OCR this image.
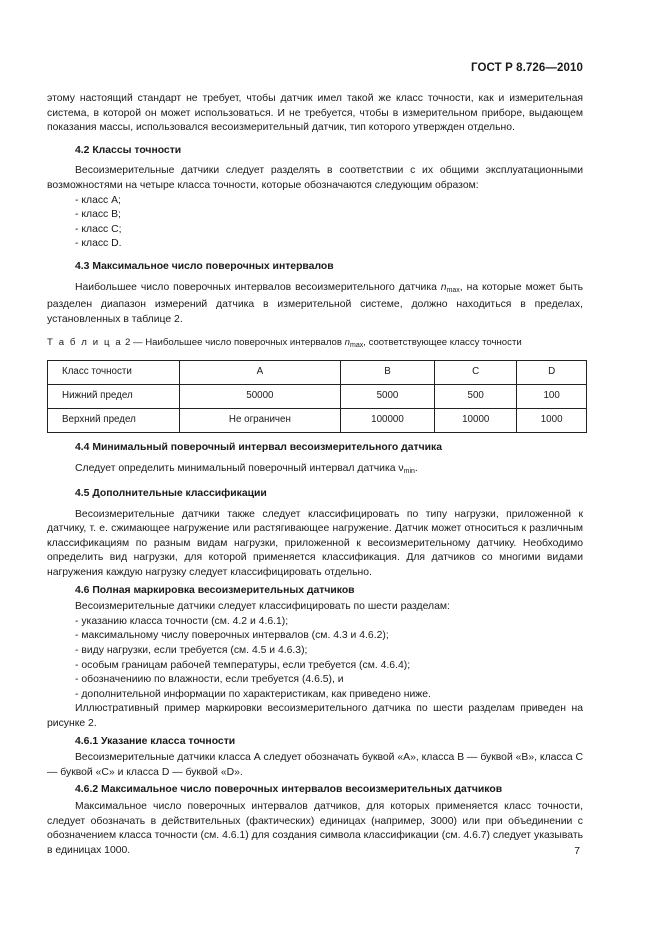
ГОСТ Р 8.726—2010

этому настоящий стандарт не требует, чтобы датчик имел такой же класс точности, как и измерительная система, в которой он может использоваться. И не требуется, чтобы в измерительном приборе, выдающем показания массы, использовался весоизмерительный датчик, тип которого утвержден отдельно.

4.2 Классы точности

Весоизмерительные датчики следует разделять в соответствии с их общими эксплуатационными возможностями на четыре класса точности, которые обозначаются следующим образом:

- класс А;

- класс В;

- класс С;

- класс D.

4.3 Максимальное число поверочных интервалов

Наибольшее число поверочных интервалов весоизмерительного датчика $n_{max}$, на которые может быть разделен диапазон измерений датчика в измерительной системе, должно находиться в пределах, установленных в таблице 2.

Т а б л и ц а 2 — Наибольшее число поверочных интервалов $n_{max}$, соответствующее классу точности
Класс точности	A	B	C	D
Нижний предел	50000	5000	500	100
Верхний предел	Не ограничен	100000	10000	1000
4.4 Минимальный поверочный интервал весоизмерительного датчика

Следует определить минимальный поверочный интервал датчика $\nu_{min}$.

4.5 Дополнительные классификации

Весоизмерительные датчики также следует классифицировать по типу нагрузки, приложенной к датчику, т. е. сжимающее нагружение или растягивающее нагружение. Датчик может относиться к различным классификациям по разным видам нагрузки, приложенной к весоизмерительному датчику. Необходимо определить вид нагрузки, для которой применяется классификация. Для датчиков со многими видами нагружения каждую нагрузку следует классифицировать отдельно.

4.6 Полная маркировка весоизмерительных датчиков

Весоизмерительные датчики следует классифицировать по шести разделам:

- указанию класса точности (см. 4.2 и 4.6.1);

- максимальному числу поверочных интервалов (см. 4.3 и 4.6.2);

- виду нагрузки, если требуется (см. 4.5 и 4.6.3);

- особым границам рабочей температуры, если требуется (см. 4.6.4);

- обозначениию по влажности, если требуется (4.6.5), и

- дополнительной информации по характеристикам, как приведено ниже.

Иллюстративный пример маркировки весоизмерительного датчика по шести разделам приведен на рисунке 2.

4.6.1 Указание класса точности

Весоизмерительные датчики класса А следует обозначать буквой «А», класса В — буквой «В», класса С — буквой «С» и класса D — буквой «D».

4.6.2 Максимальное число поверочных интервалов весоизмерительных датчиков

Максимальное число поверочных интервалов датчиков, для которых применяется класс точности, следует обозначать в действительных (фактических) единицах (например, 3000) или при объединении с обозначением класса точности (см. 4.6.1) для создания символа классификации (см. 4.6.7) следует указывать в единицах 1000.	7
